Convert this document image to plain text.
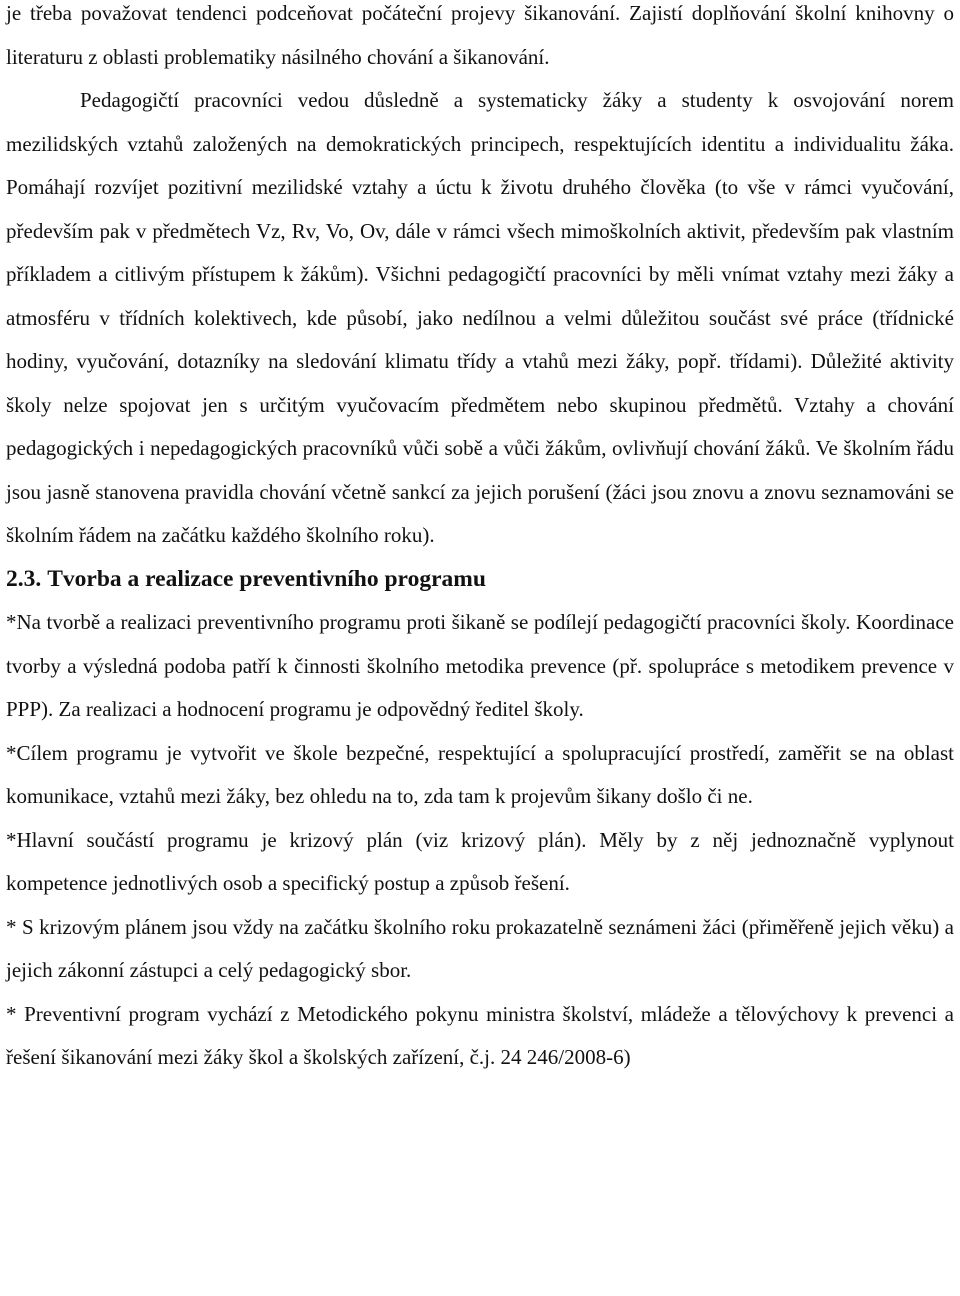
je třeba považovat tendenci podceňovat počáteční projevy šikanování. Zajistí doplňování školní knihovny o literaturu z oblasti problematiky násilného chování a šikanování.

Pedagogičtí pracovníci vedou důsledně a systematicky žáky a studenty k osvojování norem mezilidských vztahů založených na demokratických principech, respektujících identitu a individualitu žáka. Pomáhají rozvíjet pozitivní mezilidské vztahy a úctu k životu druhého člověka (to vše v rámci vyučování, především pak v předmětech Vz, Rv, Vo, Ov, dále v rámci všech mimoškolních aktivit, především pak vlastním příkladem a citlivým přístupem k žákům). Všichni pedagogičtí pracovníci by měli vnímat vztahy mezi žáky a atmosféru v třídních kolektivech, kde působí, jako nedílnou a velmi důležitou součást své práce (třídnické hodiny, vyučování, dotazníky na sledování klimatu třídy a vtahů mezi žáky, popř. třídami). Důležité aktivity školy nelze spojovat jen s určitým vyučovacím předmětem nebo skupinou předmětů. Vztahy a chování pedagogických i nepedagogických pracovníků vůči sobě a vůči žákům, ovlivňují chování žáků. Ve školním řádu jsou jasně stanovena pravidla chování včetně sankcí za jejich porušení (žáci jsou znovu a znovu seznamováni se školním řádem na začátku každého školního roku).

2.3. Tvorba a realizace preventivního programu

*Na tvorbě a realizaci preventivního programu proti šikaně se podílejí pedagogičtí pracovníci školy. Koordinace tvorby a výsledná podoba patří k činnosti školního metodika prevence (př. spolupráce s metodikem prevence v PPP). Za realizaci a hodnocení programu je odpovědný ředitel školy.

*Cílem programu je vytvořit ve škole bezpečné, respektující a spolupracující prostředí, zaměřit se na oblast komunikace, vztahů mezi žáky, bez ohledu na to, zda tam k projevům šikany došlo či ne.

*Hlavní součástí programu je krizový plán (viz krizový plán). Měly by z něj jednoznačně vyplynout kompetence jednotlivých osob a specifický postup a způsob řešení.

* S krizovým plánem jsou vždy na začátku školního roku prokazatelně seznámeni žáci (přiměřeně jejich věku) a jejich zákonní zástupci a celý pedagogický sbor.

* Preventivní program vychází z Metodického pokynu ministra školství, mládeže a tělovýchovy k prevenci a řešení šikanování mezi žáky škol a školských zařízení, č.j. 24 246/2008-6)
